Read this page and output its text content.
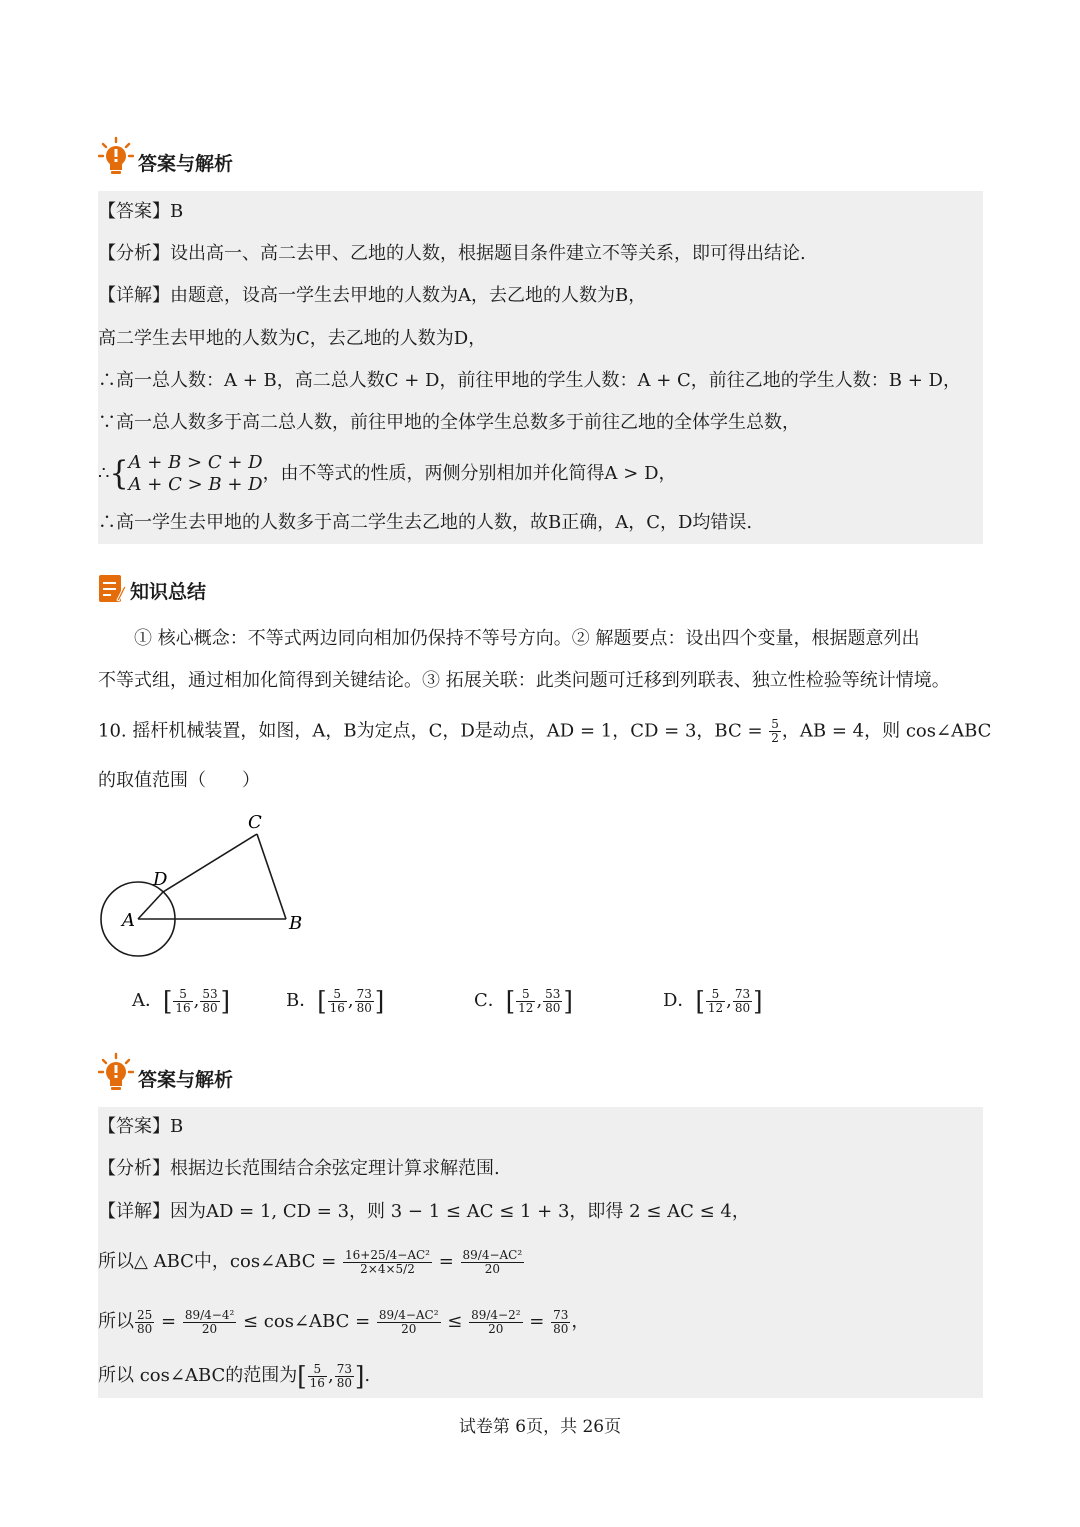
答案与解析
【答案】B
【分析】设出高一、高二去甲、乙地的人数，根据题目条件建立不等关系，即可得出结论.
【详解】由题意，设高一学生去甲地的人数为A，去乙地的人数为B，
高二学生去甲地的人数为C，去乙地的人数为D，
∴高一总人数：A + B，高二总人数C + D，前往甲地的学生人数：A + C，前往乙地的学生人数：B + D，
∵高一总人数多于高二总人数，前往甲地的全体学生总数多于前往乙地的全体学生总数，
∴{ A + B > C + D
A + C > B + D
，由不等式的性质，两侧分别相加并化简得A > D，
∴高一学生去甲地的人数多于高二学生去乙地的人数，故B正确，A，C，D均错误.
知识总结
① 核心概念：不等式两边同向相加仍保持不等号方向。② 解题要点：设出四个变量，根据题意列出
不等式组，通过相加化简得到关键结论。③ 拓展关联：此类问题可迁移到列联表、独立性检验等统计情境。
10. 摇杆机械装置，如图，A，B为定点，C，D是动点，AD = 1，CD = 3，BC = $\frac{5}{2}$ ，AB = 4，则 cos∠ABC
的取值范围（　　）
A	B
C
D
A．[ $\frac{5}{16}$ , $\frac{53}{80}$ ]	B．[ $\frac{5}{16}$ , $\frac{73}{80}$ ]	C．[ $\frac{5}{12}$ , $\frac{53}{80}$ ]	D．[ $\frac{5}{12}$ , $\frac{73}{80}$ ]
答案与解析
【答案】B
【分析】根据边长范围结合余弦定理计算求解范围.
【详解】因为AD = 1, CD = 3，则 3 − 1 ≤ AC ≤ 1 + 3，即得 2 ≤ AC ≤ 4，
所以△ ABC中，cos∠ABC = $\frac{\text{16+25/4−AC²}}{2\times 4\times 5/2} = \frac{\text{89/4−AC²}}{20}$
所以 $\frac{25}{80} = \frac{\text{89/4−4²}}{20}$ ≤ cos∠ABC = $\frac{\text{89/4−AC²}}{20} \le \frac{\text{89/4−2²}}{20} = \frac{73}{80}$ ，
所以 cos∠ABC的范围为[ $\frac{5}{16}$ , $\frac{73}{80}$ ].
试卷第 6页，共 26页
